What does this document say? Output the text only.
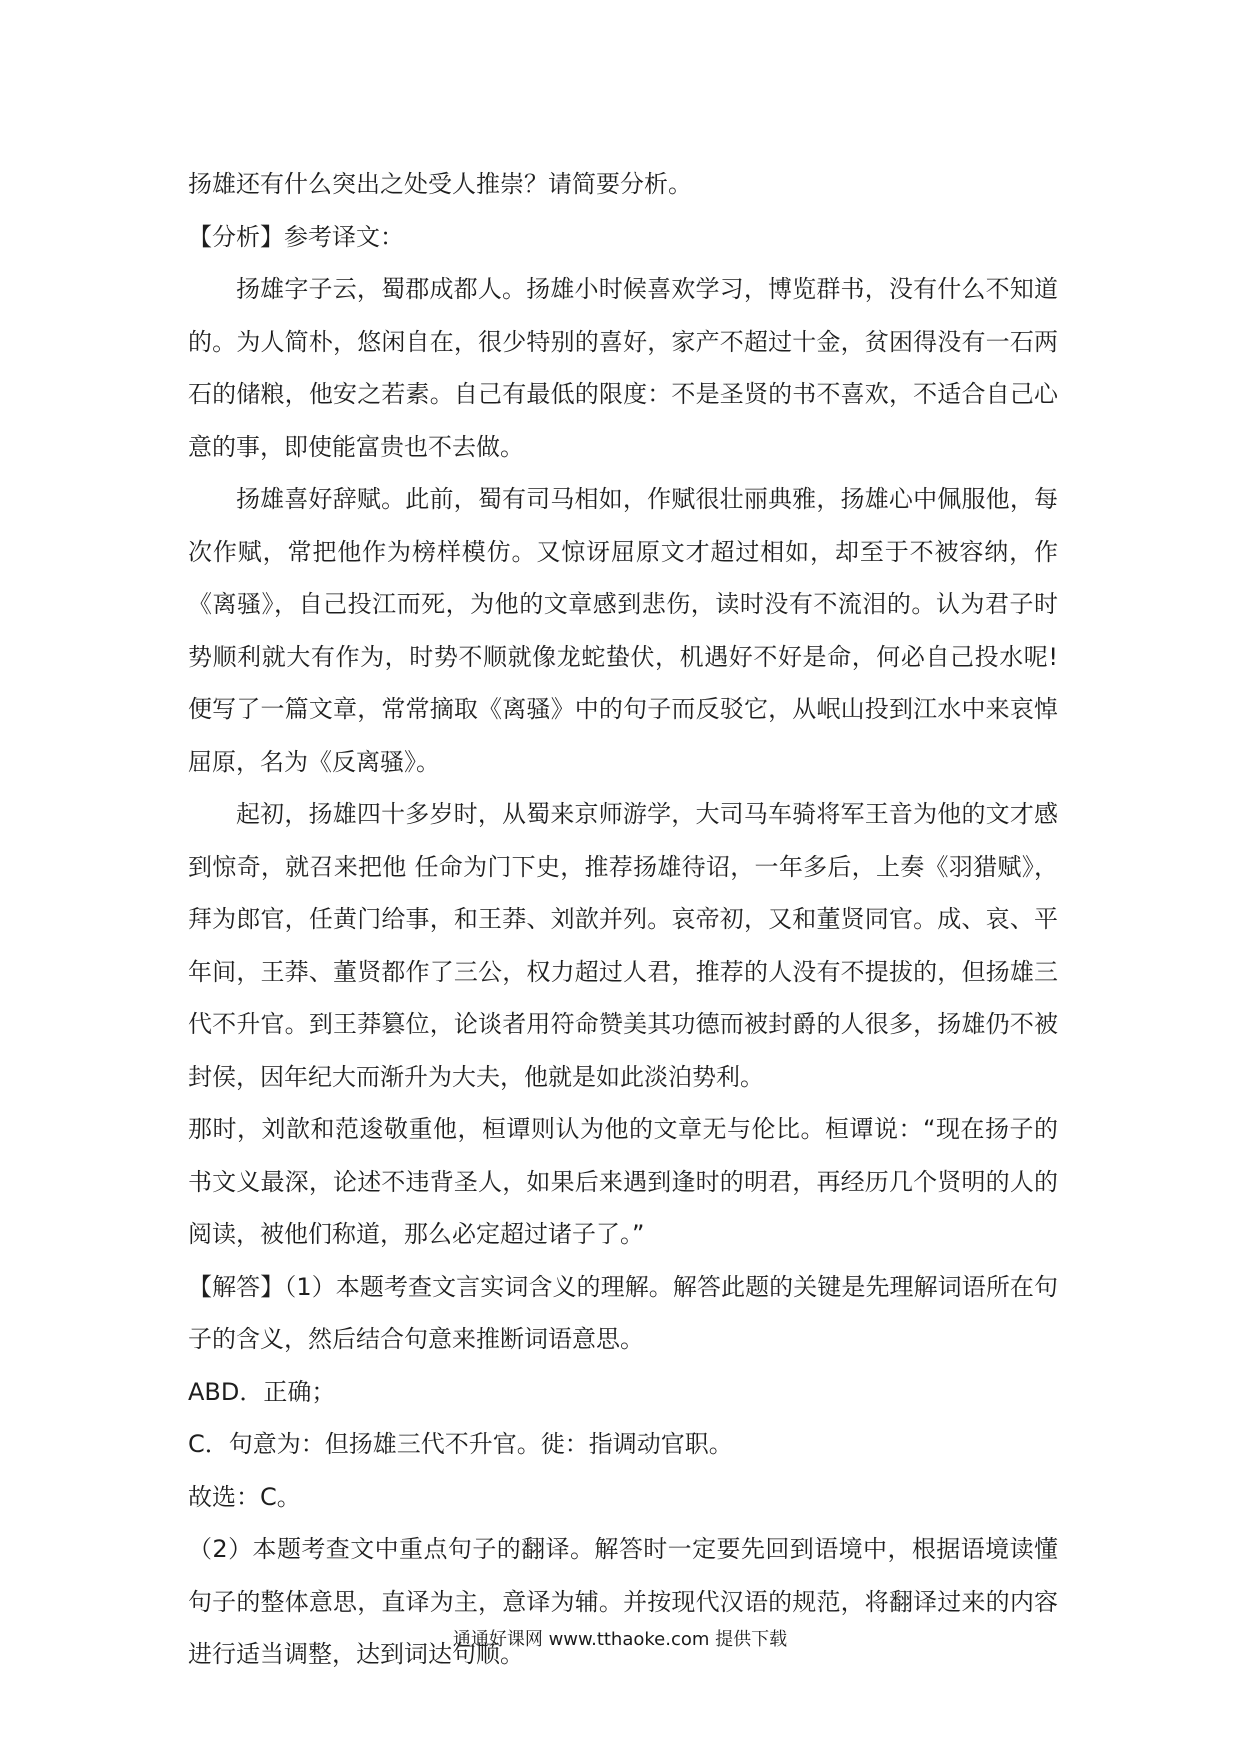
扬雄还有什么突出之处受人推崇？请简要分析。

【分析】参考译文：

扬雄字子云，蜀郡成都人。扬雄小时候喜欢学习，博览群书，没有什么不知道的。为人简朴，悠闲自在，很少特别的喜好，家产不超过十金，贫困得没有一石两石的储粮，他安之若素。自己有最低的限度：不是圣贤的书不喜欢，不适合自己心意的事，即使能富贵也不去做。

扬雄喜好辞赋。此前，蜀有司马相如，作赋很壮丽典雅，扬雄心中佩服他，每次作赋，常把他作为榜样模仿。又惊讶屈原文才超过相如，却至于不被容纳，作《离骚》，自己投江而死，为他的文章感到悲伤，读时没有不流泪的。认为君子时势顺利就大有作为，时势不顺就像龙蛇蛰伏，机遇好不好是命，何必自己投水呢!便写了一篇文章，常常摘取《离骚》中的句子而反驳它，从岷山投到江水中来哀悼屈原，名为《反离骚》。

起初，扬雄四十多岁时，从蜀来京师游学，大司马车骑将军王音为他的文才感到惊奇，就召来把他 任命为门下史，推荐扬雄待诏，一年多后，上奏《羽猎赋》，拜为郎官，任黄门给事，和王莽、刘歆并列。哀帝初，又和董贤同官。成、哀、平年间，王莽、董贤都作了三公，权力超过人君，推荐的人没有不提拔的，但扬雄三代不升官。到王莽篡位，论谈者用符命赞美其功德而被封爵的人很多，扬雄仍不被封侯，因年纪大而渐升为大夫，他就是如此淡泊势利。

那时，刘歆和范逡敬重他，桓谭则认为他的文章无与伦比。桓谭说：“现在扬子的书文义最深，论述不违背圣人，如果后来遇到逢时的明君，再经历几个贤明的人的阅读，被他们称道，那么必定超过诸子了。”

【解答】（1）本题考查文言实词含义的理解。解答此题的关键是先理解词语所在句子的含义，然后结合句意来推断词语意思。

ABD．正确；

C．句意为：但扬雄三代不升官。徙：指调动官职。

故选：C。

（2）本题考查文中重点句子的翻译。解答时一定要先回到语境中，根据语境读懂句子的整体意思，直译为主，意译为辅。并按现代汉语的规范，将翻译过来的内容进行适当调整，达到词达句顺。

通通好课网 www.tthaoke.com 提供下载
